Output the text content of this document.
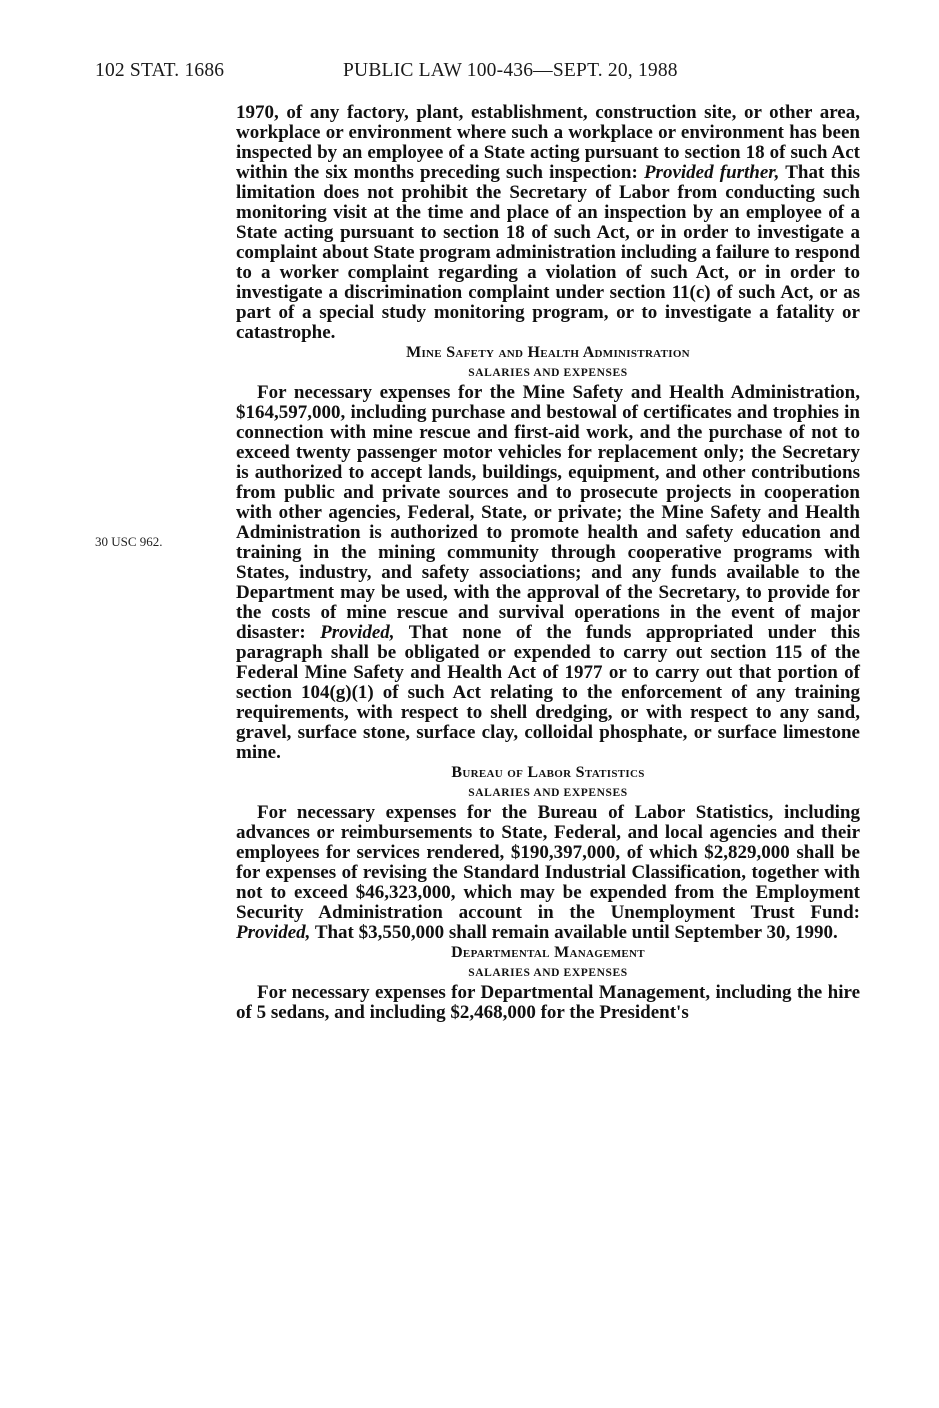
102 STAT. 1686	PUBLIC LAW 100-436—SEPT. 20, 1988
30 USC 962.

1970, of any factory, plant, establishment, construction site, or other area, workplace or environment where such a workplace or environment has been inspected by an employee of a State acting pursuant to section 18 of such Act within the six months preceding such inspection: Provided further, That this limitation does not prohibit the Secretary of Labor from conducting such monitoring visit at the time and place of an inspection by an employee of a State acting pursuant to section 18 of such Act, or in order to investigate a complaint about State program administration including a failure to respond to a worker complaint regarding a violation of such Act, or in order to investigate a discrimination complaint under section 11(c) of such Act, or as part of a special study monitoring program, or to investigate a fatality or catastrophe.

Mine Safety and Health Administration

SALARIES AND EXPENSES

For necessary expenses for the Mine Safety and Health Administration, $164,597,000, including purchase and bestowal of certificates and trophies in connection with mine rescue and first-aid work, and the purchase of not to exceed twenty passenger motor vehicles for replacement only; the Secretary is authorized to accept lands, buildings, equipment, and other contributions from public and private sources and to prosecute projects in cooperation with other agencies, Federal, State, or private; the Mine Safety and Health Administration is authorized to promote health and safety education and training in the mining community through cooperative programs with States, industry, and safety associations; and any funds available to the Department may be used, with the approval of the Secretary, to provide for the costs of mine rescue and survival operations in the event of major disaster: Provided, That none of the funds appropriated under this paragraph shall be obligated or expended to carry out section 115 of the Federal Mine Safety and Health Act of 1977 or to carry out that portion of section 104(g)(1) of such Act relating to the enforcement of any training requirements, with respect to shell dredging, or with respect to any sand, gravel, surface stone, surface clay, colloidal phosphate, or surface limestone mine.

Bureau of Labor Statistics

SALARIES AND EXPENSES

For necessary expenses for the Bureau of Labor Statistics, including advances or reimbursements to State, Federal, and local agencies and their employees for services rendered, $190,397,000, of which $2,829,000 shall be for expenses of revising the Standard Industrial Classification, together with not to exceed $46,323,000, which may be expended from the Employment Security Administration account in the Unemployment Trust Fund: Provided, That $3,550,000 shall remain available until September 30, 1990.

Departmental Management

SALARIES AND EXPENSES

For necessary expenses for Departmental Management, including the hire of 5 sedans, and including $2,468,000 for the President's
